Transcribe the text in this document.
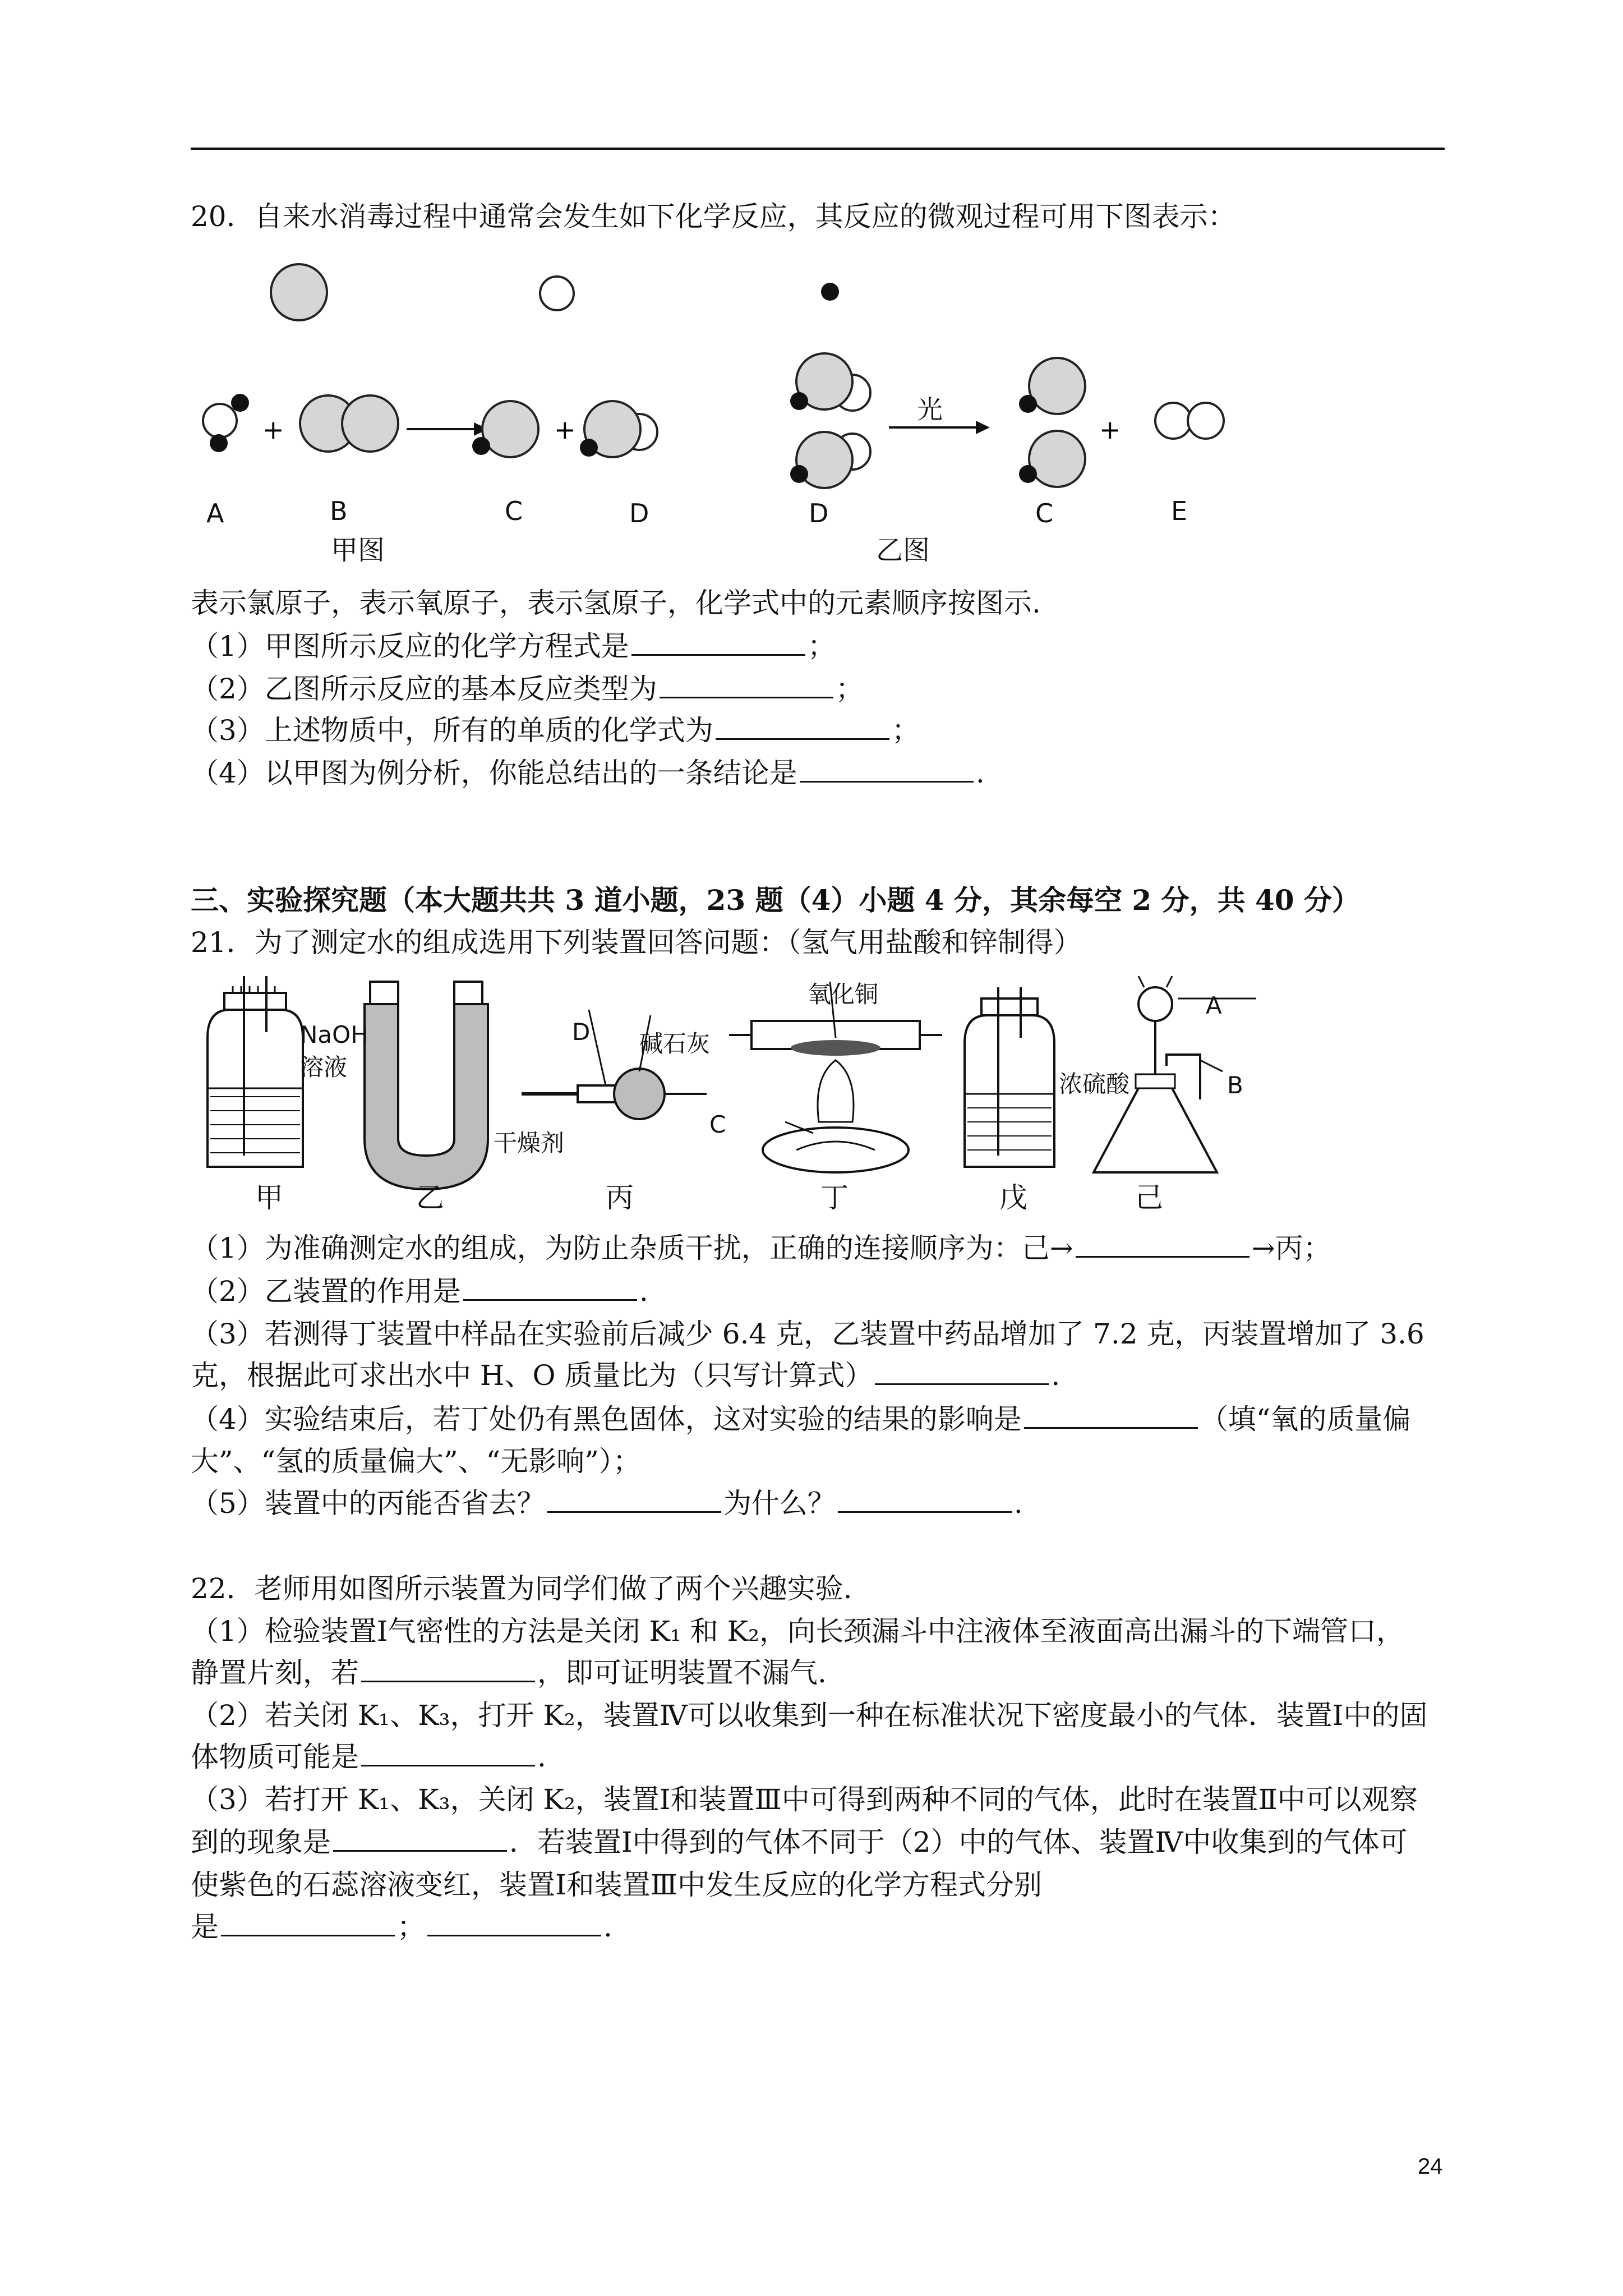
20．自来水消毒过程中通常会发生如下化学反应，其反应的微观过程可用下图表示：
+	+	+
A	B	C	D	D	C	E
甲图	乙图
光
表示氯原子，表示氧原子，表示氢原子，化学式中的元素顺序按图示.
（1）甲图所示反应的化学方程式是	；
（2）乙图所示反应的基本反应类型为	；
（3）上述物质中，所有的单质的化学式为	；
（4）以甲图为例分析，你能总结出的一条结论是	.
三、实验探究题（本大题共共 3 道小题，23 题（4）小题 4 分，其余每空 2 分，共 40 分）
21．为了测定水的组成选用下列装置回答问题：（氢气用盐酸和锌制得）
NaOH
溶液
干燥剂
碱石灰
D
氧化铜
C
浓硫酸
A
B
甲	乙	丙	丁	戊	己
（1）为准确测定水的组成，为防止杂质干扰，正确的连接顺序为：己→	→丙；
（2）乙装置的作用是	.
（3）若测得丁装置中样品在实验前后减少 6.4 克，乙装置中药品增加了 7.2 克，丙装置增加了 3.6
克，根据此可求出水中 H、O 质量比为（只写计算式）	.
（4）实验结束后，若丁处仍有黑色固体，这对实验的结果的影响是	（填“氧的质量偏
大”、“氢的质量偏大”、“无影响”）；
（5）装置中的丙能否省去？	为什么？	.
22．老师用如图所示装置为同学们做了两个兴趣实验.
（1）检验装置Ⅰ气密性的方法是关闭 K₁ 和 K₂，向长颈漏斗中注液体至液面高出漏斗的下端管口，
静置片刻，若	，即可证明装置不漏气.
（2）若关闭 K₁、K₃，打开 K₂，装置Ⅳ可以收集到一种在标准状况下密度最小的气体．装置Ⅰ中的固
体物质可能是	.
（3）若打开 K₁、K₃，关闭 K₂，装置Ⅰ和装置Ⅲ中可得到两种不同的气体，此时在装置Ⅱ中可以观察
到的现象是	．若装置Ⅰ中得到的气体不同于（2）中的气体、装置Ⅳ中收集到的气体可
使紫色的石蕊溶液变红，装置Ⅰ和装置Ⅲ中发生反应的化学方程式分别
是	；	.
24
